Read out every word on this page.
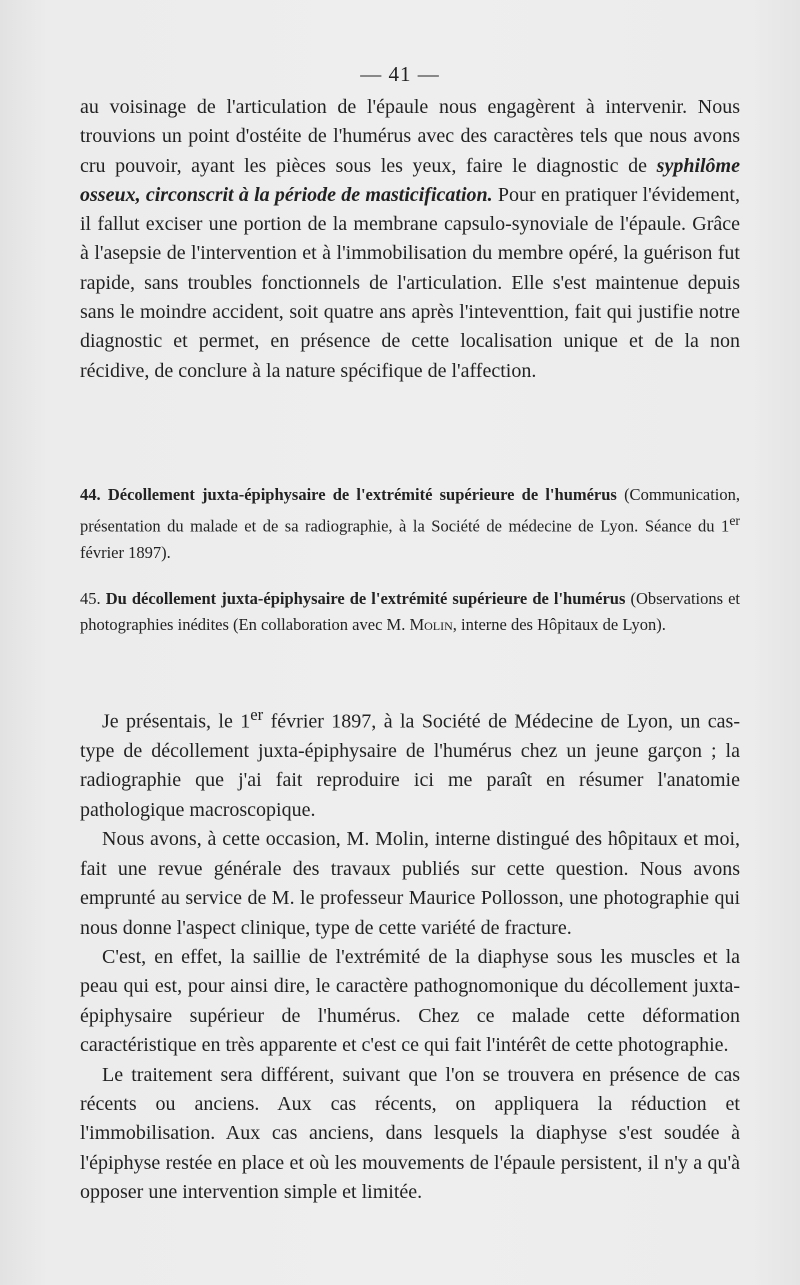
— 41 —

au voisinage de l'articulation de l'épaule nous engagèrent à intervenir. Nous trouvions un point d'ostéite de l'humérus avec des caractères tels que nous avons cru pouvoir, ayant les pièces sous les yeux, faire le diagnostic de syphilôme osseux, circonscrit à la période de masticification. Pour en pratiquer l'évidement, il fallut exciser une portion de la membrane capsulo-synoviale de l'épaule. Grâce à l'asepsie de l'intervention et à l'immobilisation du membre opéré, la guérison fut rapide, sans troubles fonctionnels de l'articulation. Elle s'est maintenue depuis sans le moindre accident, soit quatre ans après l'inteventtion, fait qui justifie notre diagnostic et permet, en présence de cette localisation unique et de la non récidive, de conclure à la nature spécifique de l'affection.

44. Décollement juxta-épiphysaire de l'extrémité supérieure de l'humérus (Communication, présentation du malade et de sa radiographie, à la Société de médecine de Lyon. Séance du 1er février 1897).

45. Du décollement juxta-épiphysaire de l'extrémité supérieure de l'humérus (Observations et photographies inédites (En collaboration avec M. Molin, interne des Hôpitaux de Lyon).

Je présentais, le 1er février 1897, à la Société de Médecine de Lyon, un cas-type de décollement juxta-épiphysaire de l'humérus chez un jeune garçon ; la radiographie que j'ai fait reproduire ici me paraît en résumer l'anatomie pathologique macroscopique.
Nous avons, à cette occasion, M. Molin, interne distingué des hôpitaux et moi, fait une revue générale des travaux publiés sur cette question. Nous avons emprunté au service de M. le professeur Maurice Pollosson, une photographie qui nous donne l'aspect clinique, type de cette variété de fracture.
C'est, en effet, la saillie de l'extrémité de la diaphyse sous les muscles et la peau qui est, pour ainsi dire, le caractère pathognomonique du décollement juxta-épiphysaire supérieur de l'humérus. Chez ce malade cette déformation caractéristique en très apparente et c'est ce qui fait l'intérêt de cette photographie.
Le traitement sera différent, suivant que l'on se trouvera en présence de cas récents ou anciens. Aux cas récents, on appliquera la réduction et l'immobilisation. Aux cas anciens, dans lesquels la diaphyse s'est soudée à l'épiphyse restée en place et où les mouvements de l'épaule persistent, il n'y a qu'à opposer une intervention simple et limitée.
